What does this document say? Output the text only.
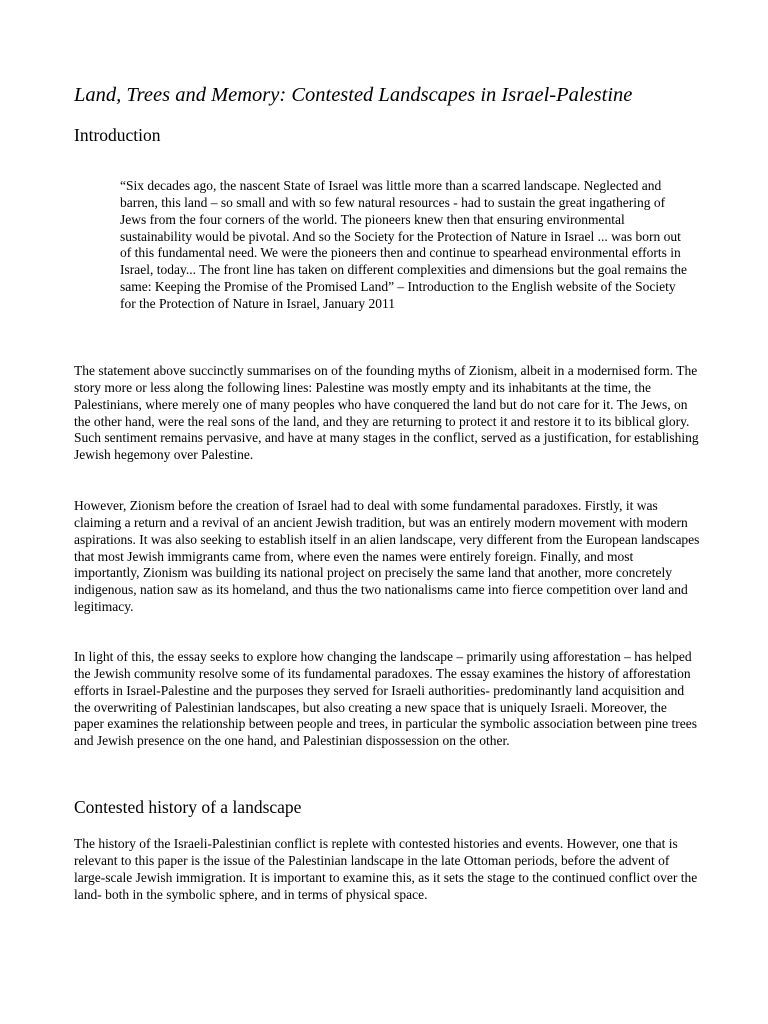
Land, Trees and Memory: Contested Landscapes in Israel-Palestine
Introduction
“Six decades ago, the nascent State of Israel was little more than a scarred landscape. Neglected and barren, this land – so small and with so few natural resources - had to sustain the great ingathering of Jews from the four corners of the world. The pioneers knew then that ensuring environmental sustainability would be pivotal. And so the Society for the Protection of Nature in Israel ... was born out of this fundamental need. We were the pioneers then and continue to spearhead environmental efforts in Israel, today... The front line has taken on different complexities and dimensions but the goal remains the same: Keeping the Promise of the Promised Land” – Introduction to the English website of the Society for the Protection of Nature in Israel, January 2011

The statement above succinctly summarises on of the founding myths of Zionism, albeit in a modernised form. The story more or less along the following lines: Palestine was mostly empty and its inhabitants at the time, the Palestinians, where merely one of many peoples who have conquered the land but do not care for it. The Jews, on the other hand, were the real sons of the land, and they are returning to protect it and restore it to its biblical glory. Such sentiment remains pervasive, and have at many stages in the conflict, served as a justification, for establishing Jewish hegemony over Palestine.

However, Zionism before the creation of Israel had to deal with some fundamental paradoxes. Firstly, it was claiming a return and a revival of an ancient Jewish tradition, but was an entirely modern movement with modern aspirations. It was also seeking to establish itself in an alien landscape, very different from the European landscapes that most Jewish immigrants came from, where even the names were entirely foreign. Finally, and most importantly, Zionism was building its national project on precisely the same land that another, more concretely indigenous, nation saw as its homeland, and thus the two nationalisms came into fierce competition over land and legitimacy.

In light of this, the essay seeks to explore how changing the landscape – primarily using afforestation – has helped the Jewish community resolve some of its fundamental paradoxes. The essay examines the history of afforestation efforts in Israel-Palestine and the purposes they served for Israeli authorities- predominantly land acquisition and the overwriting of Palestinian landscapes, but also creating a new space that is uniquely Israeli. Moreover, the paper examines the relationship between people and trees, in particular the symbolic association between pine trees and Jewish presence on the one hand, and Palestinian dispossession on the other.

Contested history of a landscape

The history of the Israeli-Palestinian conflict is replete with contested histories and events. However, one that is relevant to this paper is the issue of the Palestinian landscape in the late Ottoman periods, before the advent of large-scale Jewish immigration. It is important to examine this, as it sets the stage to the continued conflict over the land- both in the symbolic sphere, and in terms of physical space.
